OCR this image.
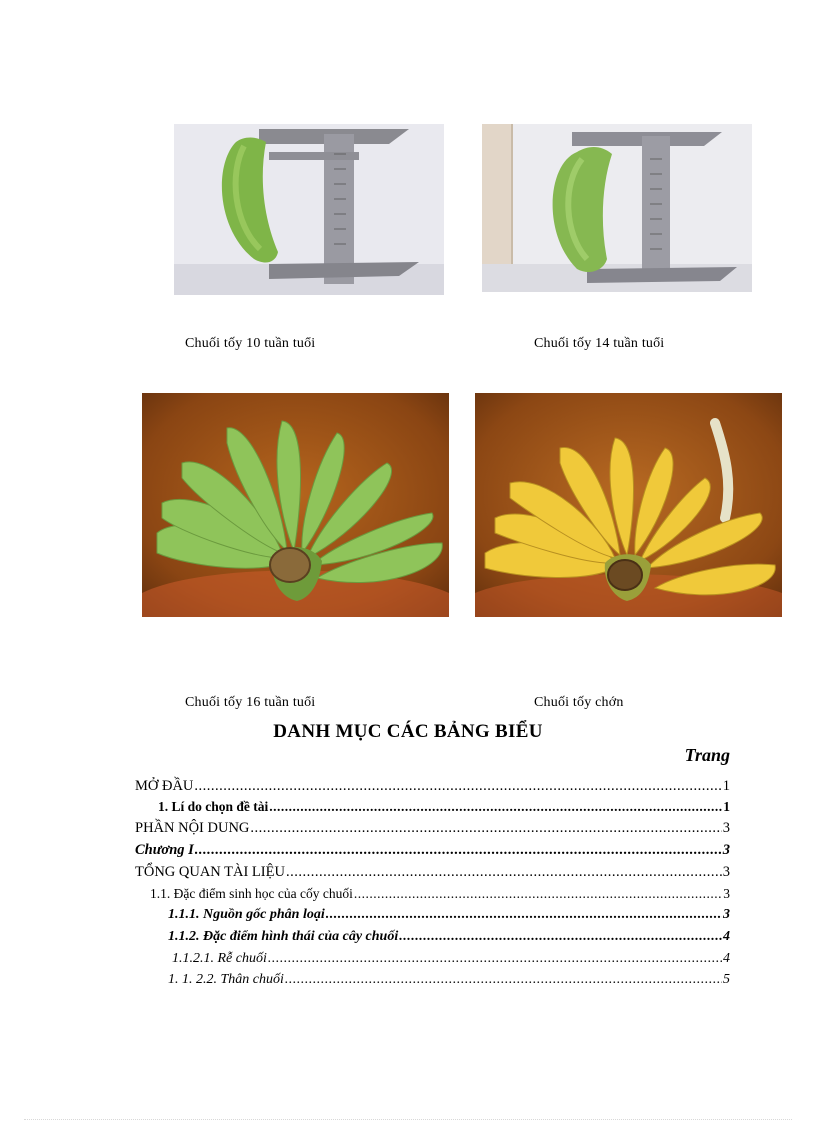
Chuối tốy 10 tuần tuổi	Chuối tốy 14 tuần tuổi
Chuối tốy 16 tuần tuổi	Chuối tốy chớn
DANH MỤC CÁC BẢNG BIỂU
Trang
MỞ ĐẦU .....	1
1. Lí do chọn đề tài .....	1
PHẦN NỘI DUNG .....	3
Chương I .....	3
TỔNG QUAN TÀI LIỆU .....	3
1.1. Đặc điểm sinh học của cốy chuối .....	3
1.1.1. Nguồn gốc phân loại .....	3
1.1.2. Đặc điểm hình thái của cây chuối .....	4
1.1.2.1. Rễ chuối .....	4
1. 1. 2.2. Thân chuối .....	5
